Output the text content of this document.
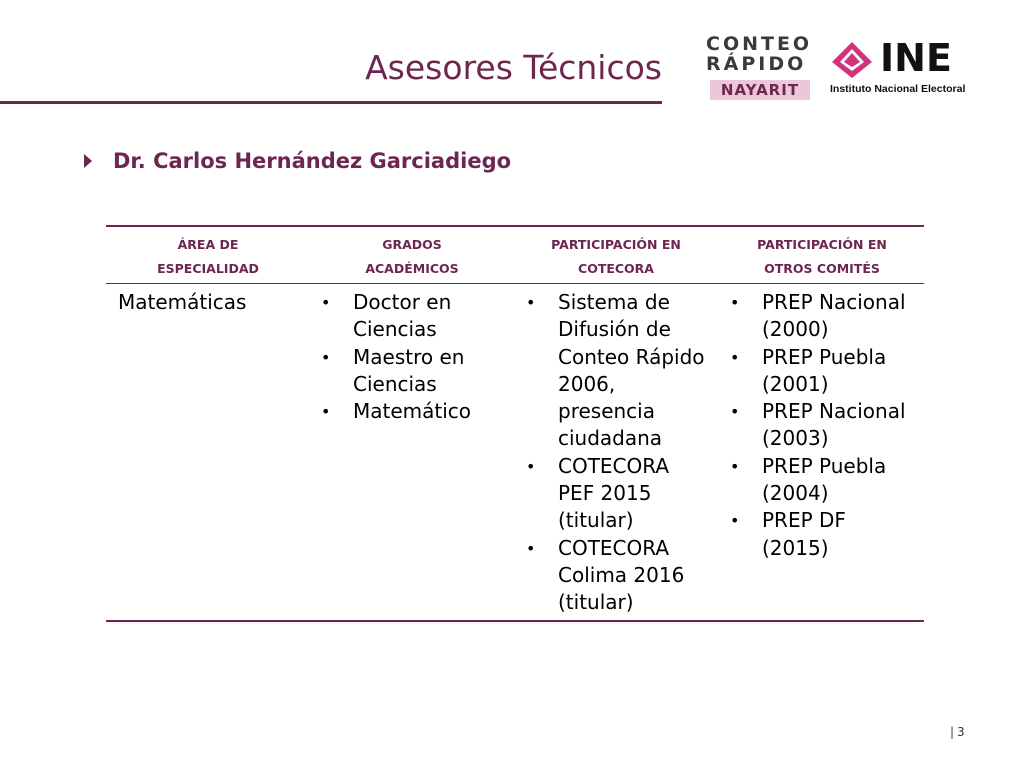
Asesores Técnicos
CONTEO
RÁPIDO
NAYARIT
INE
Instituto Nacional Electoral
Dr. Carlos Hernández Garciadiego
ÁREA DE
ESPECIALIDAD
GRADOS
ACADÉMICOS
PARTICIPACIÓN EN
COTECORA
PARTICIPACIÓN EN
OTROS COMITÉS
Matemáticas
•	Doctor en Ciencias
• Maestro en Ciencias
• Matemático
• Sistema de Difusión de Conteo Rápido 2006, presencia ciudadana
• COTECORA PEF 2015 (titular)
• COTECORA Colima 2016 (titular)
• PREP Nacional (2000)
• PREP Puebla (2001)
• PREP Nacional (2003)
• PREP Puebla (2004)
• PREP DF (2015)
| 3
